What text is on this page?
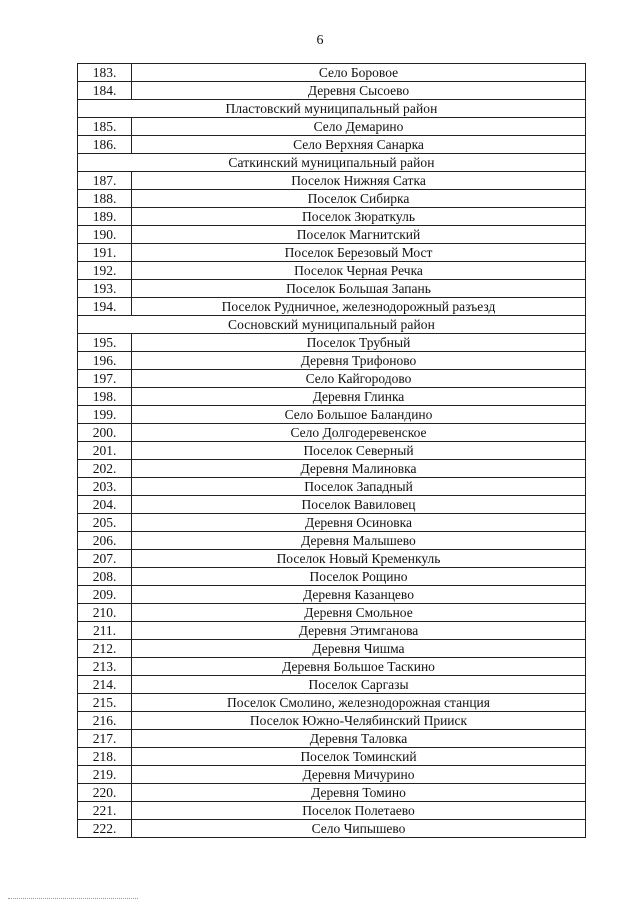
6
183.	Село Боровое
184.	Деревня Сысоево
Пластовский муниципальный район	
185.	Село Демарино
186.	Село Верхняя Санарка
Саткинский муниципальный район	
187.	Поселок Нижняя Сатка
188.	Поселок Сибирка
189.	Поселок Зюраткуль
190.	Поселок Магнитский
191.	Поселок Березовый Мост
192.	Поселок Черная Речка
193.	Поселок Большая Запань
194.	Поселок Рудничное, железнодорожный разъезд
Сосновский муниципальный район	
195.	Поселок Трубный
196.	Деревня Трифоново
197.	Село Кайгородово
198.	Деревня Глинка
199.	Село Большое Баландино
200.	Село Долгодеревенское
201.	Поселок Северный
202.	Деревня Малиновка
203.	Поселок Западный
204.	Поселок Вавиловец
205.	Деревня Осиновка
206.	Деревня Малышево
207.	Поселок Новый Кременкуль
208.	Поселок Рощино
209.	Деревня Казанцево
210.	Деревня Смольное
211.	Деревня Этимганова
212.	Деревня Чишма
213.	Деревня Большое Таскино
214.	Поселок Саргазы
215.	Поселок Смолино, железнодорожная станция
216.	Поселок Южно-Челябинский Прииск
217.	Деревня Таловка
218.	Поселок Томинский
219.	Деревня Мичурино
220.	Деревня Томино
221.	Поселок Полетаево
222.	Село Чипышево
